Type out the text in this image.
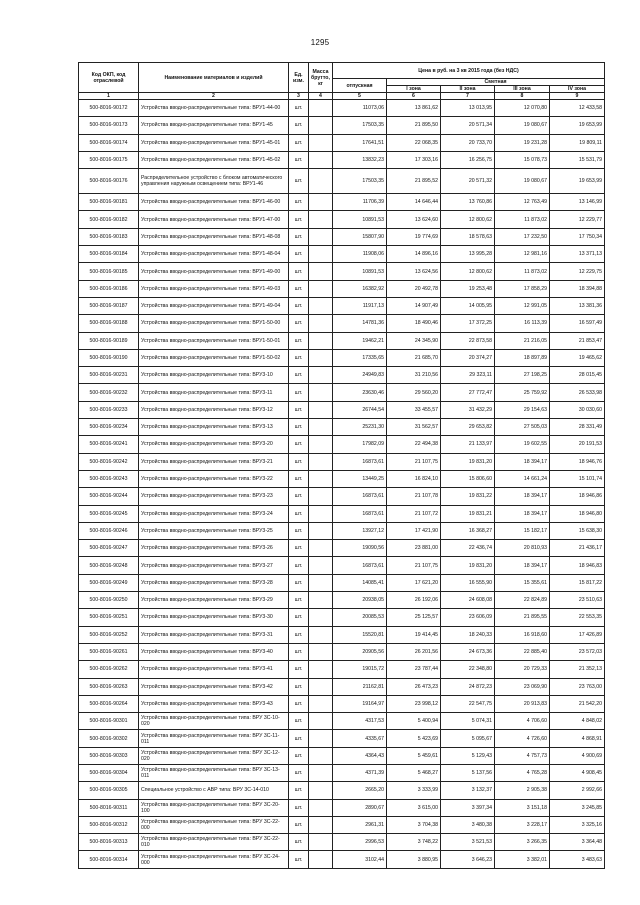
1295
Код ОКП, код отраслевой	Наименование материалов и изделий	Ед. изм.	Масса брутто, кг	Цена в руб. на 3 кв 2015 года (без НДС)				
				отпускная	Сметная			
					I зона	II зона	III зона	IV зона
1	2	3	4	5	6	7	8	9
500-8016-90172	Устройства вводно-распределительные типа: ВРУ1-44-00	шт.		11073,06	13 861,62	13 013,95	12 070,80	12 433,58
500-8016-90173	Устройства вводно-распределительные типа: ВРУ1-45	шт.		17503,35	21 895,50	20 571,34	19 080,67	19 653,99
500-8016-90174	Устройства вводно-распределительные типа: ВРУ1-45-01	шт.		17641,51	22 068,35	20 733,70	19 231,28	19 809,11
500-8016-90175	Устройства вводно-распределительные типа: ВРУ1-45-02	шт.		13832,23	17 303,16	16 256,75	15 078,73	15 531,79
500-8016-90176	Распределительное устройство с блоком автоматического управления наружным освещением типа: ВРУ1-46	шт.		17503,35	21 895,52	20 571,32	19 080,67	19 653,99
500-8016-90181	Устройства вводно-распределительные типа: ВРУ1-46-00	шт.		11706,39	14 646,44	13 760,86	12 763,49	13 146,99
500-8016-90182	Устройства вводно-распределительные типа: ВРУ1-47-00	шт.		10891,53	13 624,60	12 800,62	11 873,02	12 229,77
500-8016-90183	Устройства вводно-распределительные типа: ВРУ1-48-08	шт.		15807,90	19 774,69	18 578,63	17 232,50	17 750,34
500-8016-90184	Устройства вводно-распределительные типа: ВРУ1-48-04	шт.		11908,06	14 896,16	13 995,28	12 981,16	13 371,13
500-8016-90185	Устройства вводно-распределительные типа: ВРУ1-49-00	шт.		10891,53	13 624,56	12 800,62	11 873,02	12 229,75
500-8016-90186	Устройства вводно-распределительные типа: ВРУ1-49-03	шт.		16382,92	20 492,78	19 253,48	17 858,29	18 394,88
500-8016-90187	Устройства вводно-распределительные типа: ВРУ1-49-04	шт.		11917,13	14 907,49	14 005,95	12 991,05	13 381,36
500-8016-90188	Устройства вводно-распределительные типа: ВРУ1-50-00	шт.		14781,36	18 490,46	17 372,25	16 113,39	16 597,49
500-8016-90189	Устройства вводно-распределительные типа: ВРУ1-50-01	шт.		19462,21	24 345,90	22 873,58	21 216,05	21 853,47
500-8016-90190	Устройства вводно-распределительные типа: ВРУ1-50-02	шт.		17335,65	21 685,70	20 374,27	18 897,89	19 465,62
500-8016-90231	Устройства вводно-распределительные типа: ВРУ3-10	шт.		24949,83	31 210,56	29 323,11	27 198,25	28 015,45
500-8016-90232	Устройства вводно-распределительные типа: ВРУ3-11	шт.		23630,46	29 560,20	27 772,47	25 759,92	26 533,98
500-8016-90233	Устройства вводно-распределительные типа: ВРУ3-12	шт.		26744,54	33 455,57	31 432,29	29 154,63	30 030,60
500-8016-90234	Устройства вводно-распределительные типа: ВРУ3-13	шт.		25231,30	31 562,57	29 653,82	27 505,03	28 331,49
500-8016-90241	Устройства вводно-распределительные типа: ВРУ3-20	шт.		17982,09	22 494,38	21 133,97	19 602,55	20 191,53
500-8016-90242	Устройства вводно-распределительные типа: ВРУ3-21	шт.		16873,61	21 107,75	19 831,20	18 394,17	18 946,76
500-8016-90243	Устройства вводно-распределительные типа: ВРУ3-22	шт.		13449,25	16 824,10	15 806,60	14 661,24	15 101,74
500-8016-90244	Устройства вводно-распределительные типа: ВРУ3-23	шт.		16873,61	21 107,78	19 831,22	18 394,17	18 946,86
500-8016-90245	Устройства вводно-распределительные типа: ВРУ3-24	шт.		16873,61	21 107,72	19 831,21	18 394,17	18 946,80
500-8016-90246	Устройства вводно-распределительные типа: ВРУ3-25	шт.		13927,12	17 421,90	16 368,27	15 182,17	15 638,30
500-8016-90247	Устройства вводно-распределительные типа: ВРУ3-26	шт.		19090,56	23 881,00	22 436,74	20 810,93	21 436,17
500-8016-90248	Устройства вводно-распределительные типа: ВРУ3-27	шт.		16873,61	21 107,75	19 831,20	18 394,17	18 946,83
500-8016-90249	Устройства вводно-распределительные типа: ВРУ3-28	шт.		14085,41	17 621,20	16 555,90	15 355,61	15 817,22
500-8016-90250	Устройства вводно-распределительные типа: ВРУ3-29	шт.		20938,05	26 192,06	24 608,08	22 824,89	23 510,63
500-8016-90251	Устройства вводно-распределительные типа: ВРУ3-30	шт.		20085,53	25 125,57	23 606,09	21 895,55	22 553,35
500-8016-90252	Устройства вводно-распределительные типа: ВРУ3-31	шт.		15520,81	19 414,45	18 240,33	16 918,60	17 426,89
500-8016-90261	Устройства вводно-распределительные типа: ВРУ3-40	шт.		20905,56	26 201,56	24 673,36	22 885,40	23 572,03
500-8016-90262	Устройства вводно-распределительные типа: ВРУ3-41	шт.		19015,72	23 787,44	22 348,80	20 729,33	21 352,13
500-8016-90263	Устройства вводно-распределительные типа: ВРУ3-42	шт.		21162,81	26 473,23	24 872,23	23 069,90	23 763,00
500-8016-90264	Устройства вводно-распределительные типа: ВРУ3-43	шт.		19164,97	23 998,12	22 547,75	20 913,83	21 542,20
500-8016-90301	Устройства вводно-распределительные типа: ВРУ 3С-10-020	шт.		4317,53	5 400,94	5 074,31	4 706,60	4 848,02
500-8016-90302	Устройства вводно-распределительные типа: ВРУ 3С-11-011	шт.		4335,67	5 423,69	5 095,67	4 726,60	4 868,91
500-8016-90303	Устройства вводно-распределительные типа: ВРУ 3С-12-020	шт.		4364,43	5 459,61	5 129,43	4 757,73	4 900,69
500-8016-90304	Устройства вводно-распределительные типа: ВРУ 3С-13-011	шт.		4371,39	5 468,27	5 137,56	4 765,28	4 908,45
500-8016-90305	Специальное устройство с АВР типа: ВРУ 3С-14-010	шт.		2665,20	3 333,99	3 132,37	2 905,38	2 992,66
500-8016-90311	Устройства вводно-распределительные типа: ВРУ 3С-20-100	шт.		2890,67	3 615,00	3 397,34	3 151,18	3 245,85
500-8016-90312	Устройства вводно-распределительные типа: ВРУ 3С-22-000	шт.		2961,31	3 704,38	3 480,38	3 228,17	3 325,16
500-8016-90313	Устройства вводно-распределительные типа: ВРУ 3С-22-010	шт.		2996,53	3 748,22	3 521,53	3 266,35	3 364,48
500-8016-90314	Устройства вводно-распределительные типа: ВРУ 3С-24-000	шт.		3102,44	3 880,95	3 646,23	3 382,01	3 483,63
